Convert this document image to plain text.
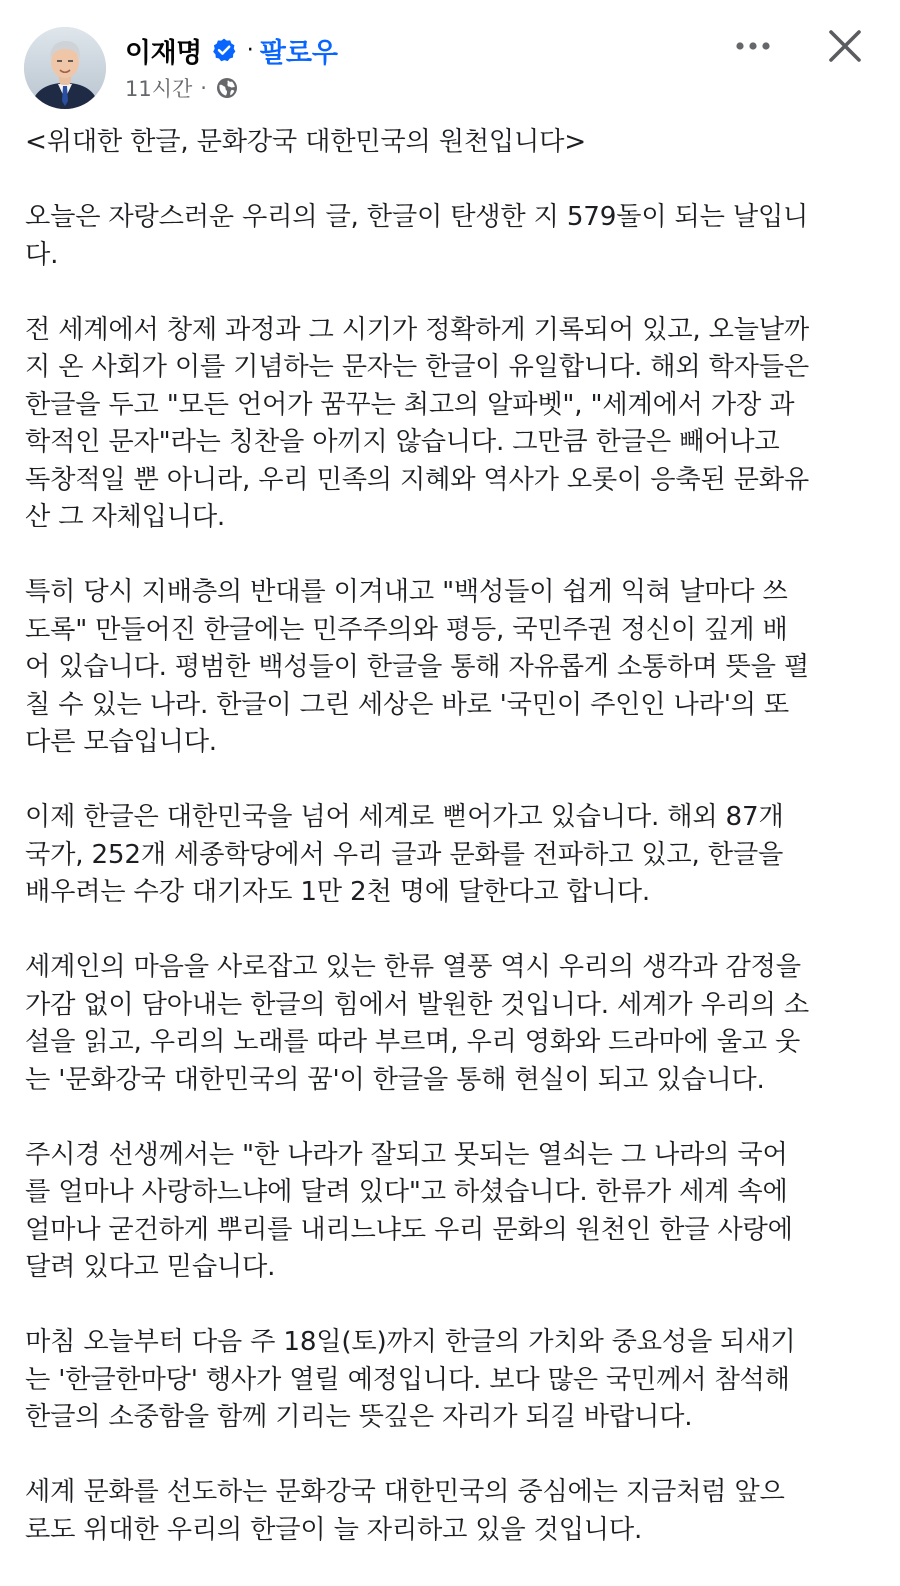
이재명 · 팔로우
11시간 ·

<위대한 한글, 문화강국 대한민국의 원천입니다>

오늘은 자랑스러운 우리의 글, 한글이 탄생한 지 579돌이 되는 날입니
다.

전 세계에서 창제 과정과 그 시기가 정확하게 기록되어 있고, 오늘날까
지 온 사회가 이를 기념하는 문자는 한글이 유일합니다. 해외 학자들은
한글을 두고 "모든 언어가 꿈꾸는 최고의 알파벳", "세계에서 가장 과
학적인 문자"라는 칭찬을 아끼지 않습니다. 그만큼 한글은 빼어나고
독창적일 뿐 아니라, 우리 민족의 지혜와 역사가 오롯이 응축된 문화유
산 그 자체입니다.

특히 당시 지배층의 반대를 이겨내고 "백성들이 쉽게 익혀 날마다 쓰
도록" 만들어진 한글에는 민주주의와 평등, 국민주권 정신이 깊게 배
어 있습니다. 평범한 백성들이 한글을 통해 자유롭게 소통하며 뜻을 펼
칠 수 있는 나라. 한글이 그린 세상은 바로 '국민이 주인인 나라'의 또
다른 모습입니다.

이제 한글은 대한민국을 넘어 세계로 뻗어가고 있습니다. 해외 87개
국가, 252개 세종학당에서 우리 글과 문화를 전파하고 있고, 한글을
배우려는 수강 대기자도 1만 2천 명에 달한다고 합니다.

세계인의 마음을 사로잡고 있는 한류 열풍 역시 우리의 생각과 감정을
가감 없이 담아내는 한글의 힘에서 발원한 것입니다. 세계가 우리의 소
설을 읽고, 우리의 노래를 따라 부르며, 우리 영화와 드라마에 울고 웃
는 '문화강국 대한민국의 꿈'이 한글을 통해 현실이 되고 있습니다.

주시경 선생께서는 "한 나라가 잘되고 못되는 열쇠는 그 나라의 국어
를 얼마나 사랑하느냐에 달려 있다"고 하셨습니다. 한류가 세계 속에
얼마나 굳건하게 뿌리를 내리느냐도 우리 문화의 원천인 한글 사랑에
달려 있다고 믿습니다.

마침 오늘부터 다음 주 18일(토)까지 한글의 가치와 중요성을 되새기
는 '한글한마당' 행사가 열릴 예정입니다. 보다 많은 국민께서 참석해
한글의 소중함을 함께 기리는 뜻깊은 자리가 되길 바랍니다.

세계 문화를 선도하는 문화강국 대한민국의 중심에는 지금처럼 앞으
로도 위대한 우리의 한글이 늘 자리하고 있을 것입니다.
